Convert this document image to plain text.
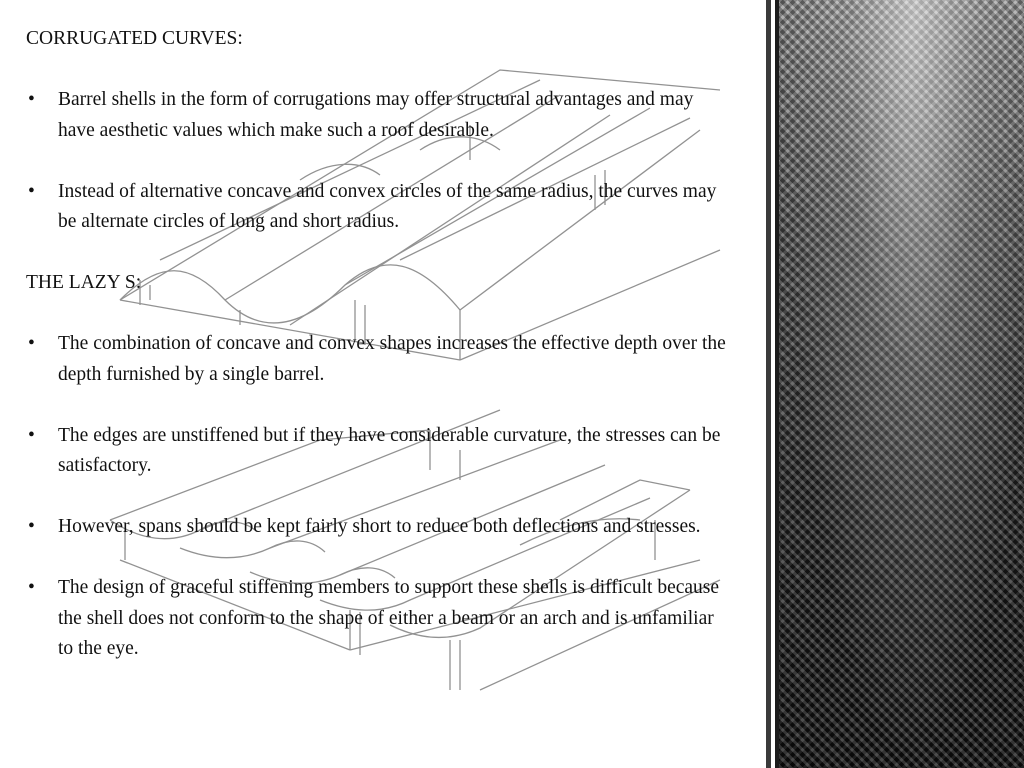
CORRUGATED CURVES:

• Barrel shells in the form of corrugations may offer structural advantages and may have aesthetic values which make such a roof desirable.
• Instead of alternative concave and convex circles of the same radius, the curves may be alternate circles of long and short radius.

THE LAZY S:

• The combination of concave and convex shapes increases the effective depth over the depth furnished by a single barrel.
• The edges are unstiffened but if they have considerable curvature, the stresses can be satisfactory.
• However, spans should be kept fairly short to reduce both deflections and stresses.
• The design of graceful stiffening members to support these shells is difficult because the shell does not conform to the shape of either a beam or an arch and is unfamiliar to the eye.
